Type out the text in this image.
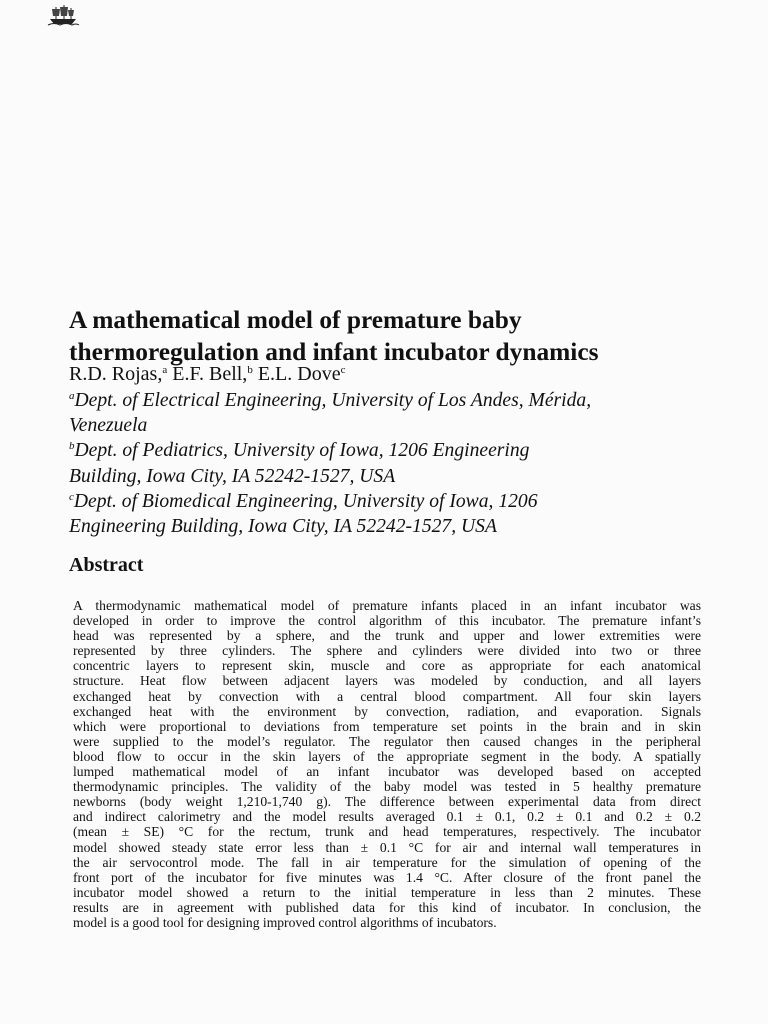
A mathematical model of premature baby
thermoregulation and infant incubator dynamics
R.D. Rojas,$^a$ E.F. Bell,$^b$ E.L. Dove$^c$
$^a$Dept. of Electrical Engineering, University of Los Andes, Mérida,
Venezuela
$^b$Dept. of Pediatrics, University of Iowa, 1206 Engineering
Building, Iowa City, IA 52242-1527, USA
$^c$Dept. of Biomedical Engineering, University of Iowa, 1206
Engineering Building, Iowa City, IA 52242-1527, USA
Abstract
A thermodynamic mathematical model of premature infants placed in an infant incubator was
developed in order to improve the control algorithm of this incubator. The premature infant’s
head was represented by a sphere, and the trunk and upper and lower extremities were
represented by three cylinders. The sphere and cylinders were divided into two or three
concentric layers to represent skin, muscle and core as appropriate for each anatomical
structure. Heat flow between adjacent layers was modeled by conduction, and all layers
exchanged heat by convection with a central blood compartment. All four skin layers
exchanged heat with the environment by convection, radiation, and evaporation. Signals
which were proportional to deviations from temperature set points in the brain and in skin
were supplied to the model’s regulator. The regulator then caused changes in the peripheral
blood flow to occur in the skin layers of the appropriate segment in the body. A spatially
lumped mathematical model of an infant incubator was developed based on accepted
thermodynamic principles. The validity of the baby model was tested in 5 healthy premature
newborns (body weight 1,210-1,740 g). The difference between experimental data from direct
and indirect calorimetry and the model results averaged 0.1 ± 0.1, 0.2 ± 0.1 and 0.2 ± 0.2
(mean ± SE) °C for the rectum, trunk and head temperatures, respectively. The incubator
model showed steady state error less than ± 0.1 °C for air and internal wall temperatures in
the air servocontrol mode. The fall in air temperature for the simulation of opening of the
front port of the incubator for five minutes was 1.4 °C. After closure of the front panel the
incubator model showed a return to the initial temperature in less than 2 minutes. These
results are in agreement with published data for this kind of incubator. In conclusion, the
model is a good tool for designing improved control algorithms of incubators.
